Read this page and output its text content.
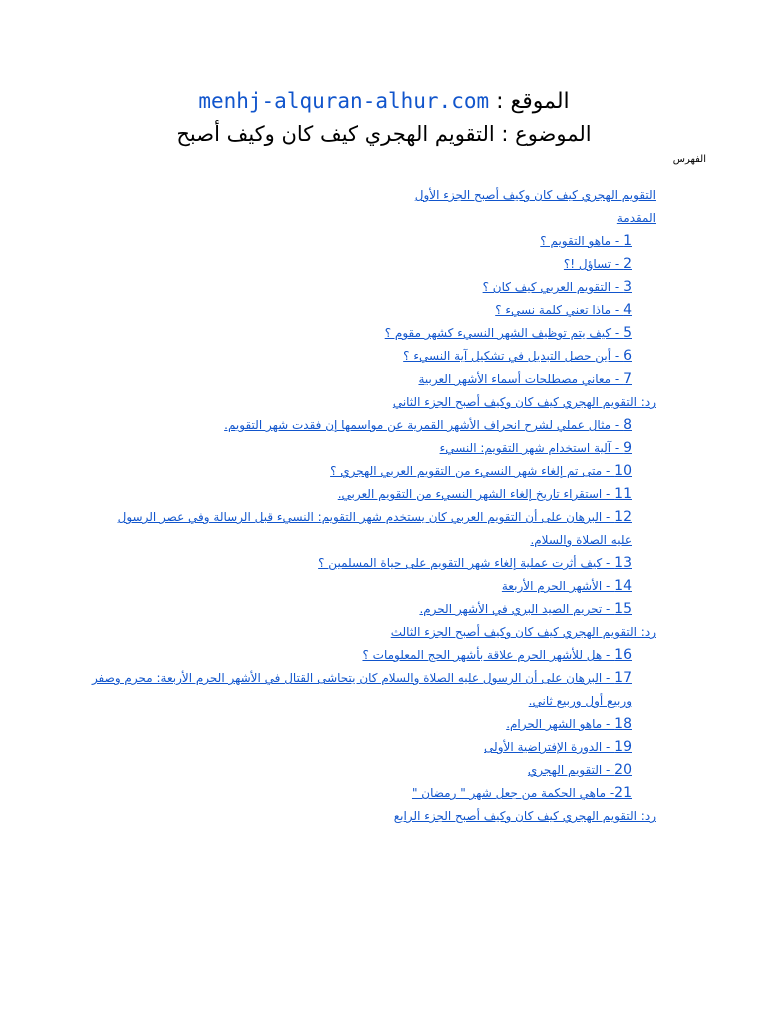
الموقع : menhj-alquran-alhur.com
الموضوع : التقويم الهجري كيف كان وكيف أصبح
الفهرس
التقويم الهجري كيف كان وكيف أصبح الجزء الأول
المقدمة
1 - ماهو التقويم ؟
2 - تساؤل !؟
3 - التقويم العربي كيف كان ؟
4 - ماذا تعني كلمة نسيء ؟
5 - كيف يتم توظيف الشهر النسيء كشهر مقوم ؟
6 - أين حصل التبديل في تشكيل آية النسيء ؟
7 - معاني مصطلحات أسماء الأشهر العربية
رد: التقويم الهجري كيف كان وكيف أصبح الجزء الثاني
8 - مثال عملي لشرح انحراف الأشهر القمرية عن مواسمها إن فقدت شهر التقويم.
9 - آلية استخدام شهر التقويم: النسيء
10 - متى تم إلغاء شهر النسيء من التقويم العربي الهجري ؟
11 - استقراء تاريخ إلغاء الشهر النسيء من التقويم العربي.
12 - البرهان على أن التقويم العربي كان يستخدم شهر التقويم: النسيء قبل الرسالة وفي عصر الرسول عليه الصلاة والسلام.
13 - كيف أثرت عملية إلغاء شهر التقويم على حياة المسلمين ؟
14 - الأشهر الحرم الأربعة
15 - تحريم الصيد البري في الأشهر الحرم.
رد: التقويم الهجري كيف كان وكيف أصبح الجزء الثالث
16 - هل للأشهر الحرم علاقة بأشهر الحج المعلومات ؟
17 - البرهان على أن الرسول عليه الصلاة والسلام كان يتحاشى القتال في الأشهر الحرم الأربعة: محرم وصفر وربيع أول وربيع ثاني.
18 - ماهو الشهر الحرام.
19 - الدورة الإفتراضية الأولى
20 - التقويم الهجري
21- ماهي الحكمة من جعل شهر " رمضان "
رد: التقويم الهجري كيف كان وكيف أصبح الجزء الرابع
